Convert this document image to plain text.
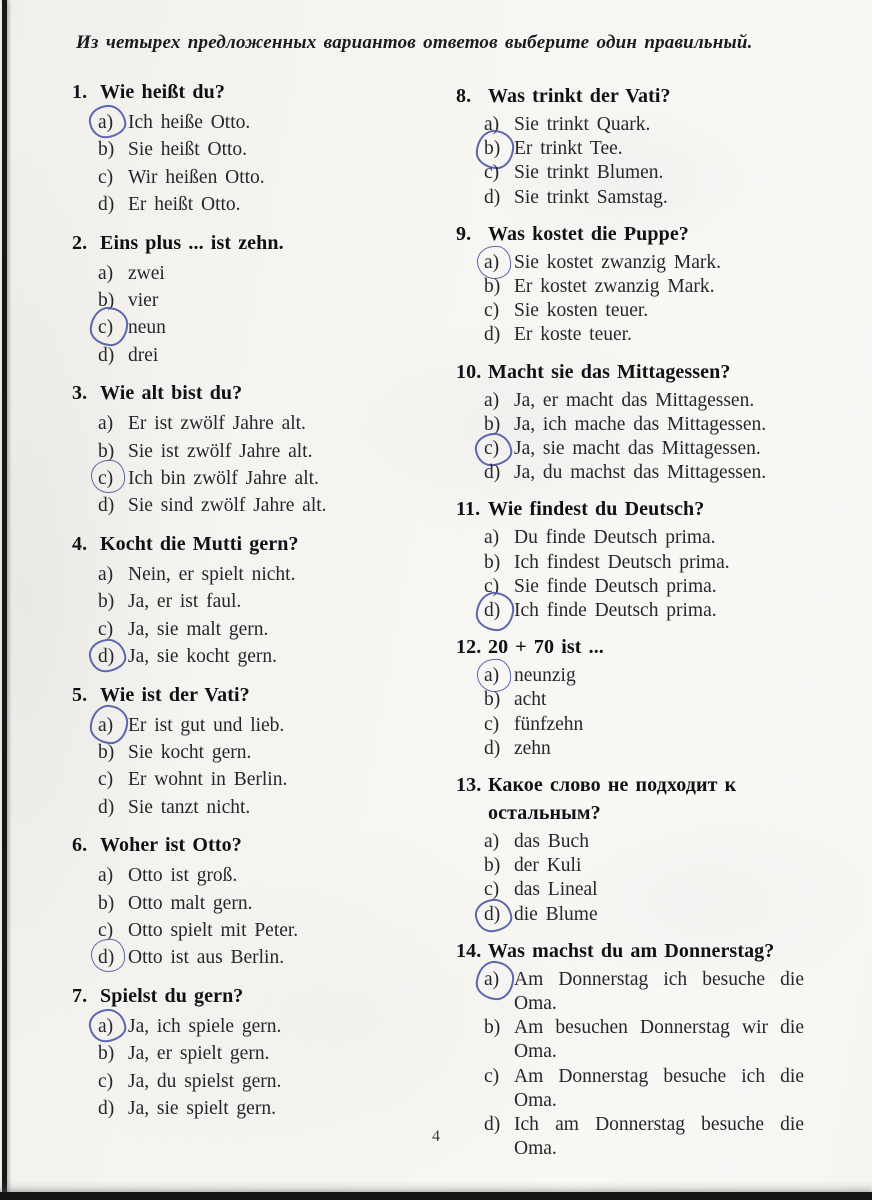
Из четырех предложенных вариантов ответов выберите один правильный.
1. Wie heißt du?
a) Ich heiße Otto.
b) Sie heißt Otto.
c) Wir heißen Otto.
d) Er heißt Otto.
2. Eins plus ... ist zehn.
a) zwei
b) vier
c) neun
d) drei
3. Wie alt bist du?
a) Er ist zwölf Jahre alt.
b) Sie ist zwölf Jahre alt.
c) Ich bin zwölf Jahre alt.
d) Sie sind zwölf Jahre alt.
4. Kocht die Mutti gern?
a) Nein, er spielt nicht.
b) Ja, er ist faul.
c) Ja, sie malt gern.
d) Ja, sie kocht gern.
5. Wie ist der Vati?
a) Er ist gut und lieb.
b) Sie kocht gern.
c) Er wohnt in Berlin.
d) Sie tanzt nicht.
6. Woher ist Otto?
a) Otto ist groß.
b) Otto malt gern.
c) Otto spielt mit Peter.
d) Otto ist aus Berlin.
7. Spielst du gern?
a) Ja, ich spiele gern.
b) Ja, er spielt gern.
c) Ja, du spielst gern.
d) Ja, sie spielt gern.
8. Was trinkt der Vati?
a) Sie trinkt Quark.
b) Er trinkt Tee.
c) Sie trinkt Blumen.
d) Sie trinkt Samstag.
9. Was kostet die Puppe?
a) Sie kostet zwanzig Mark.
b) Er kostet zwanzig Mark.
c) Sie kosten teuer.
d) Er koste teuer.
10. Macht sie das Mittagessen?
a) Ja, er macht das Mittagessen.
b) Ja, ich mache das Mittagessen.
c) Ja, sie macht das Mittagessen.
d) Ja, du machst das Mittagessen.
11. Wie findest du Deutsch?
a) Du finde Deutsch prima.
b) Ich findest Deutsch prima.
c) Sie finde Deutsch prima.
d) Ich finde Deutsch prima.
12. 20 + 70 ist ...
a) neunzig
b) acht
c) fünfzehn
d) zehn
13. Какое слово не подходит к остальным?
a) das Buch
b) der Kuli
c) das Lineal
d) die Blume
14. Was machst du am Donnerstag?
a) Am Donnerstag ich besuche die Oma.
b) Am besuchen Donnerstag wir die Oma.
c) Am Donnerstag besuche ich die Oma.
d) Ich am Donnerstag besuche die Oma.
4
